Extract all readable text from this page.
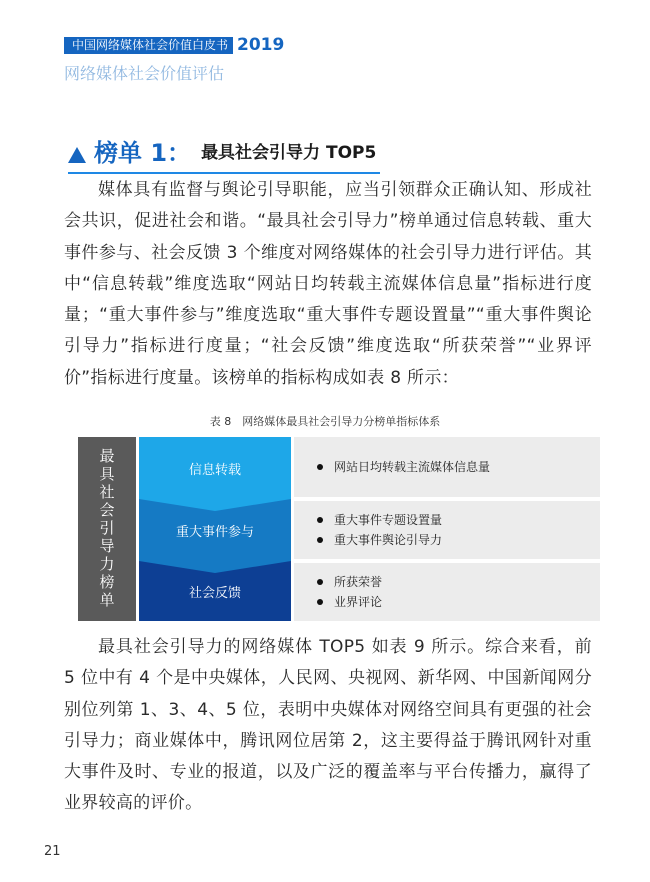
中国网络媒体社会价值白皮书 2019
网络媒体社会价值评估
榜单 1： 最具社会引导力 TOP5

媒体具有监督与舆论引导职能，应当引领群众正确认知、形成社会共识，促进社会和谐。“最具社会引导力”榜单通过信息转载、重大事件参与、社会反馈 3 个维度对网络媒体的社会引导力进行评估。其中“信息转载”维度选取“网站日均转载主流媒体信息量”指标进行度量；“重大事件参与”维度选取“重大事件专题设置量”“重大事件舆论引导力”指标进行度量；“社会反馈”维度选取“所获荣誉”“业界评价”指标进行度量。该榜单的指标构成如表 8 所示：

表 8　网络媒体最具社会引导力分榜单指标体系
最具社会引导力榜单	信息转载
重大事件参与
社会反馈
网站日均转载主流媒体信息量
重大事件专题设置量
重大事件舆论引导力
所获荣誉
业界评论

最具社会引导力的网络媒体 TOP5 如表 9 所示。综合来看，前 5 位中有 4 个是中央媒体，人民网、央视网、新华网、中国新闻网分别位列第 1、3、4、5 位，表明中央媒体对网络空间具有更强的社会引导力；商业媒体中，腾讯网位居第 2，这主要得益于腾讯网针对重大事件及时、专业的报道，以及广泛的覆盖率与平台传播力，赢得了业界较高的评价。

21
